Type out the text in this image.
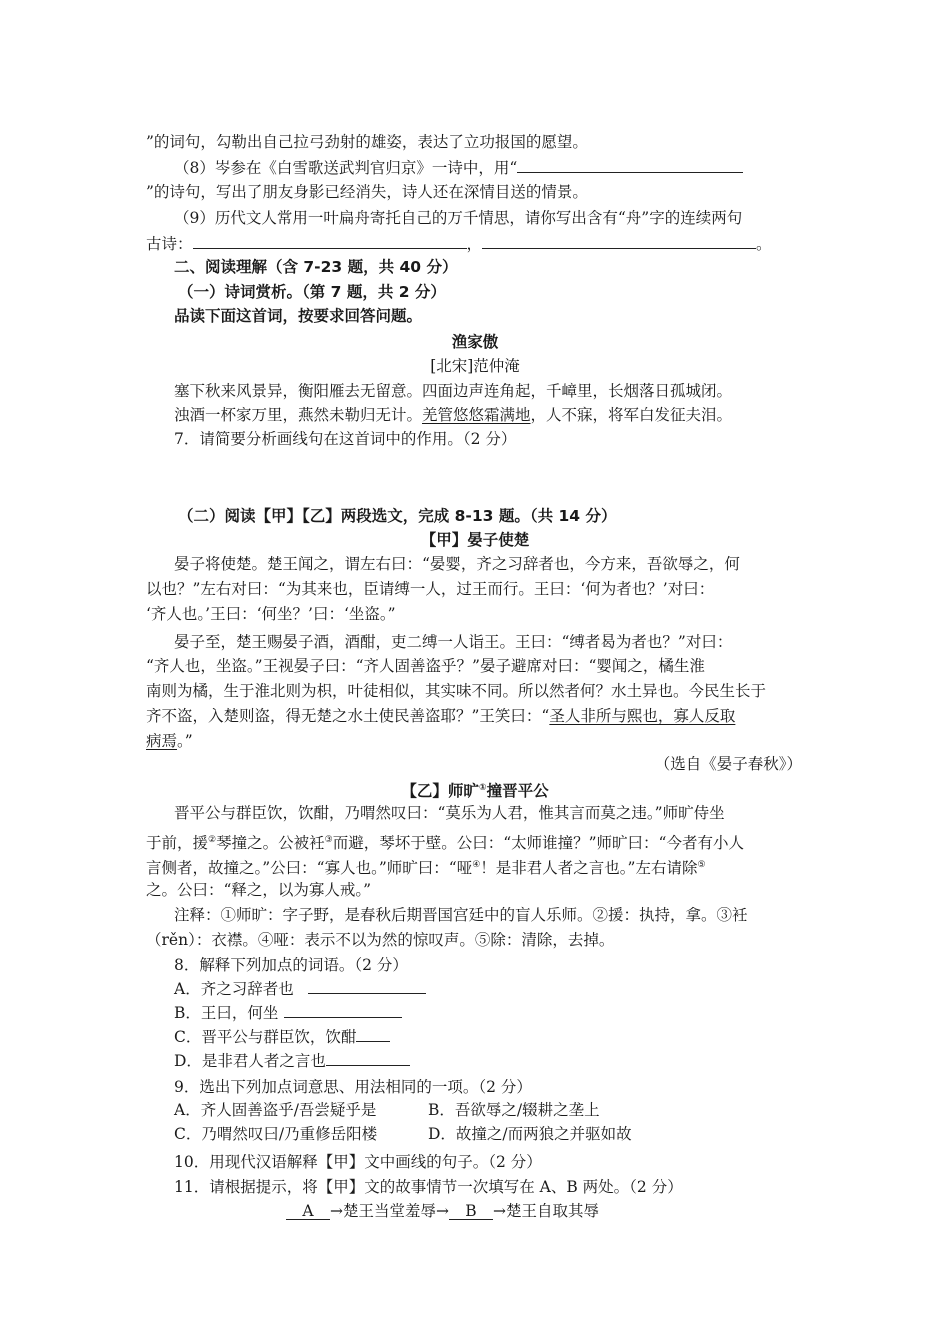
”的词句，勾勒出自己拉弓劲射的雄姿，表达了立功报国的愿望。
（8）岑参在《白雪歌送武判官归京》一诗中，用“
”的诗句，写出了朋友身影已经消失，诗人还在深情目送的情景。
（9）历代文人常用一叶扁舟寄托自己的万千情思，请你写出含有“舟”字的连续两句
古诗：	，	。
二、阅读理解（含 7-23 题，共 40 分）
（一）诗词赏析。（第 7 题，共 2 分）
品读下面这首词，按要求回答问题。
渔家傲
[北宋]范仲淹
塞下秋来风景异，衡阳雁去无留意。四面边声连角起，千嶂里，长烟落日孤城闭。
浊酒一杯家万里，燕然未勒归无计。羌管悠悠霜满地，人不寐，将军白发征夫泪。
7．请简要分析画线句在这首词中的作用。（2 分）
（二）阅读【甲】【乙】两段选文，完成 8-13 题。（共 14 分）
【甲】晏子使楚
晏子将使楚。楚王闻之，谓左右曰：“晏婴，齐之习辞者也，今方来，吾欲辱之，何
以也？”左右对曰：“为其来也，臣请缚一人，过王而行。王曰：‘何为者也？’对曰：
‘齐人也。’王曰：‘何坐？’曰：‘坐盗。”
晏子至，楚王赐晏子酒，酒酣，吏二缚一人诣王。王曰：“缚者曷为者也？”对曰：
“齐人也，坐盗。”王视晏子曰：“齐人固善盗乎？”晏子避席对曰：“婴闻之，橘生淮
南则为橘，生于淮北则为枳，叶徒相似，其实味不同。所以然者何？水土异也。今民生长于
齐不盗，入楚则盗，得无楚之水土使民善盗耶？”王笑曰：“圣人非所与熙也，寡人反取
病焉。”
（选自《晏子春秋》）
【乙】师旷①撞晋平公
晋平公与群臣饮，饮酣，乃喟然叹曰：“莫乐为人君，惟其言而莫之违。”师旷侍坐
于前，援②琴撞之。公被衽③而避，琴坏于壁。公曰：“太师谁撞？”师旷曰：“今者有小人
言侧者，故撞之。”公曰：“寡人也。”师旷曰：“哑④！是非君人者之言也。”左右请除⑤
之。公曰：“释之，以为寡人戒。”
注释：①师旷：字子野，是春秋后期晋国宫廷中的盲人乐师。②援：执持，拿。③衽
（rěn）：衣襟。④哑：表示不以为然的惊叹声。⑤除：清除，去掉。
8．解释下列加点的词语。（2 分）
A．齐之习辞者也
B．王曰，何坐
C．晋平公与群臣饮，饮酣
D．是非君人者之言也
9．选出下列加点词意思、用法相同的一项。（2 分）
A．齐人固善盗乎/吾尝疑乎是	B．吾欲辱之/辍耕之垄上
C．乃喟然叹曰/乃重修岳阳楼	D．故撞之/而两狼之并驱如故
10．用现代汉语解释【甲】文中画线的句子。（2 分）
11．请根据提示，将【甲】文的故事情节一次填写在 A、B 两处。（2 分）
A →楚王当堂羞辱→ B →楚王自取其辱
